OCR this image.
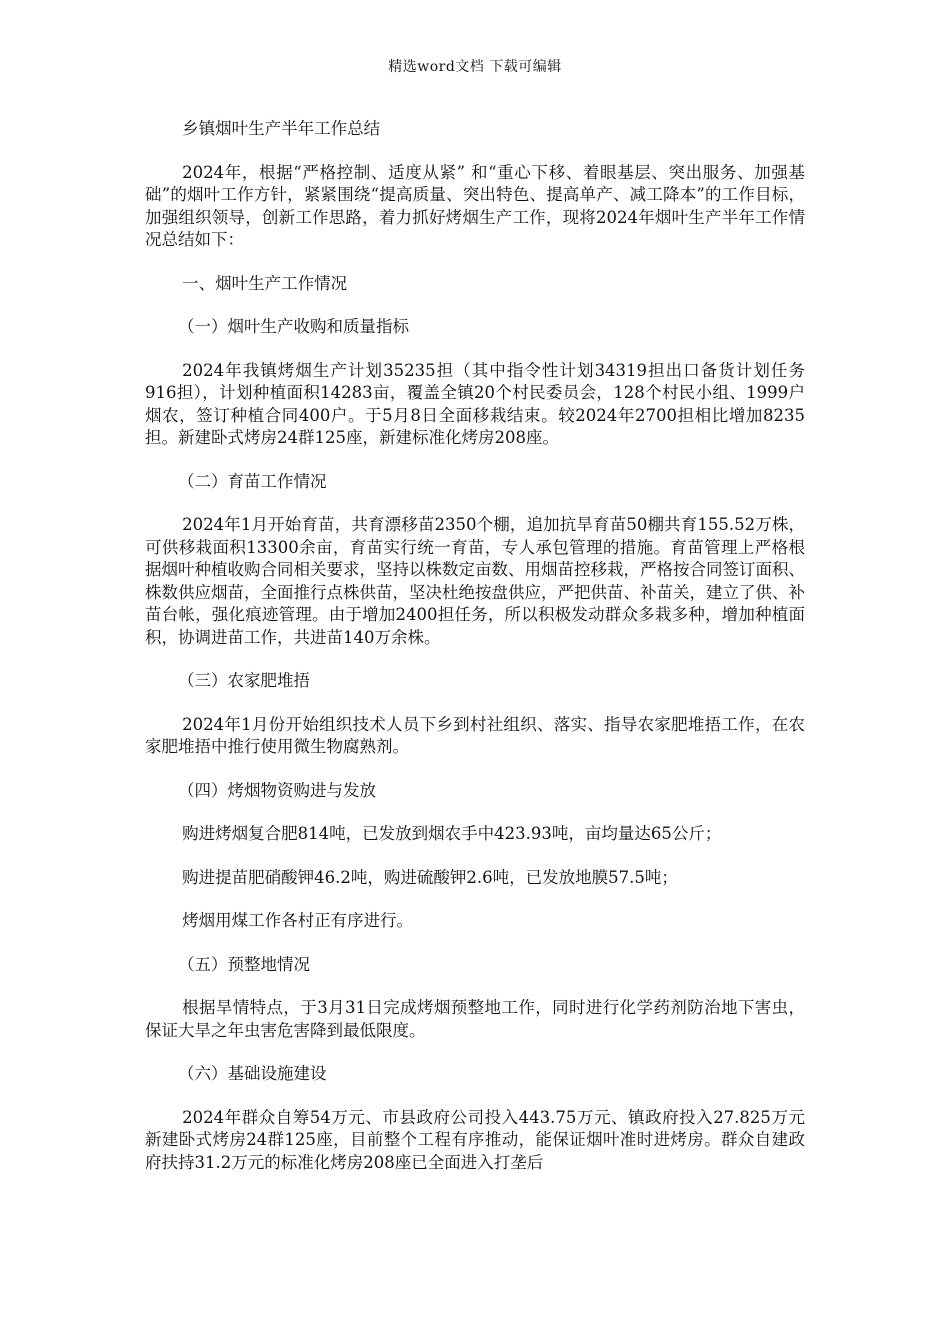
精选word文档 下载可编辑
乡镇烟叶生产半年工作总结
2024年，根据“严格控制、适度从紧” 和“重心下移、着眼基层、突出服务、加强基础”的烟叶工作方针，紧紧围绕“提高质量、突出特色、提高单产、减工降本”的工作目标，加强组织领导，创新工作思路，着力抓好烤烟生产工作，现将2024年烟叶生产半年工作情况总结如下：
一、烟叶生产工作情况
（一）烟叶生产收购和质量指标
2024年我镇烤烟生产计划35235担（其中指令性计划34319担出口备货计划任务916担），计划种植面积14283亩，覆盖全镇20个村民委员会，128个村民小组、1999户烟农，签订种植合同400户。于5月8日全面移栽结束。较2024年2700担相比增加8235担。新建卧式烤房24群125座，新建标准化烤房208座。
（二）育苗工作情况
2024年1月开始育苗，共育漂移苗2350个棚，追加抗旱育苗50棚共育155.52万株，可供移栽面积13300余亩，育苗实行统一育苗，专人承包管理的措施。育苗管理上严格根据烟叶种植收购合同相关要求，坚持以株数定亩数、用烟苗控移栽，严格按合同签订面积、株数供应烟苗，全面推行点株供苗，坚决杜绝按盘供应，严把供苗、补苗关，建立了供、补苗台帐，强化痕迹管理。由于增加2400担任务，所以积极发动群众多栽多种，增加种植面积，协调进苗工作，共进苗140万余株。
（三）农家肥堆捂
2024年1月份开始组织技术人员下乡到村社组织、落实、指导农家肥堆捂工作，在农家肥堆捂中推行使用微生物腐熟剂。
（四）烤烟物资购进与发放
购进烤烟复合肥814吨，已发放到烟农手中423.93吨，亩均量达65公斤；
购进提苗肥硝酸钾46.2吨，购进硫酸钾2.6吨，已发放地膜57.5吨；
烤烟用煤工作各村正有序进行。
（五）预整地情况
根据旱情特点，于3月31日完成烤烟预整地工作，同时进行化学药剂防治地下害虫，保证大旱之年虫害危害降到最低限度。
（六）基础设施建设
2024年群众自筹54万元、市县政府公司投入443.75万元、镇政府投入27.825万元新建卧式烤房24群125座，目前整个工程有序推动，能保证烟叶准时进烤房。群众自建政府扶持31.2万元的标准化烤房208座已全面进入打垄后
